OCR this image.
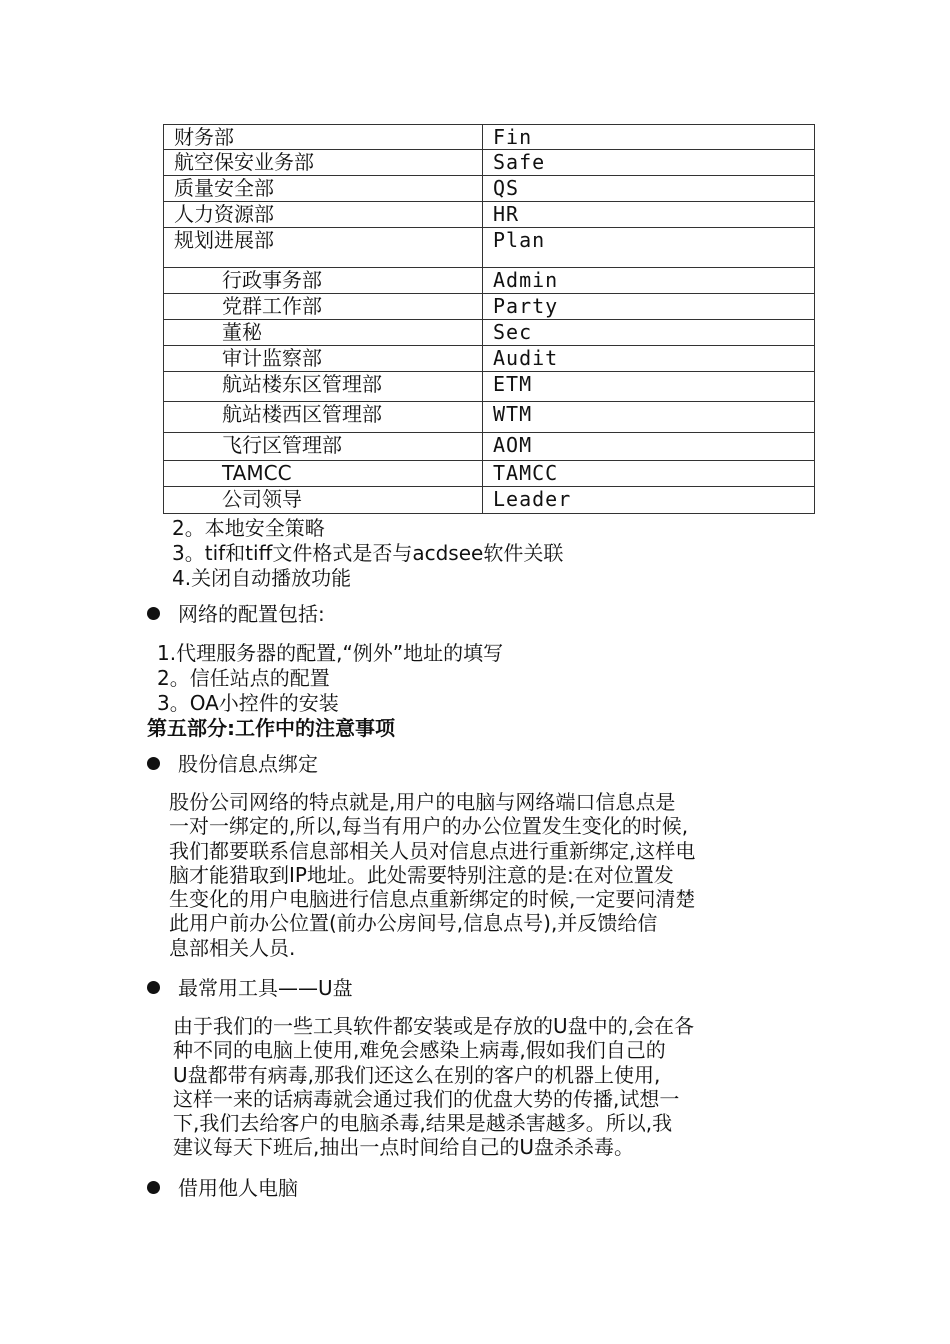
财务部	Fin
航空保安业务部	Safe
质量安全部	QS
人力资源部	HR
规划进展部	Plan
行政事务部	Admin
党群工作部	Party
董秘	Sec
审计监察部	Audit
航站楼东区管理部	ETM
航站楼西区管理部	WTM
飞行区管理部	AOM
TAMCC	TAMCC
公司领导	Leader
2。本地安全策略
3。tif和tiff文件格式是否与acdsee软件关联
4.关闭自动播放功能
网络的配置包括:
1.代理服务器的配置,“例外”地址的填写
2。信任站点的配置
3。OA小控件的安装
第五部分:工作中的注意事项
股份信息点绑定
股份公司网络的特点就是,用户的电脑与网络端口信息点是
一对一绑定的,所以,每当有用户的办公位置发生变化的时候,
我们都要联系信息部相关人员对信息点进行重新绑定,这样电
脑才能猎取到IP地址。此处需要特别注意的是:在对位置发
生变化的用户电脑进行信息点重新绑定的时候,一定要问清楚
此用户前办公位置(前办公房间号,信息点号),并反馈给信
息部相关人员.
最常用工具——U盘
由于我们的一些工具软件都安装或是存放的U盘中的,会在各
种不同的电脑上使用,难免会感染上病毒,假如我们自己的
U盘都带有病毒,那我们还这么在别的客户的机器上使用,
这样一来的话病毒就会通过我们的优盘大势的传播,试想一
下,我们去给客户的电脑杀毒,结果是越杀害越多。所以,我
建议每天下班后,抽出一点时间给自己的U盘杀杀毒。
借用他人电脑
